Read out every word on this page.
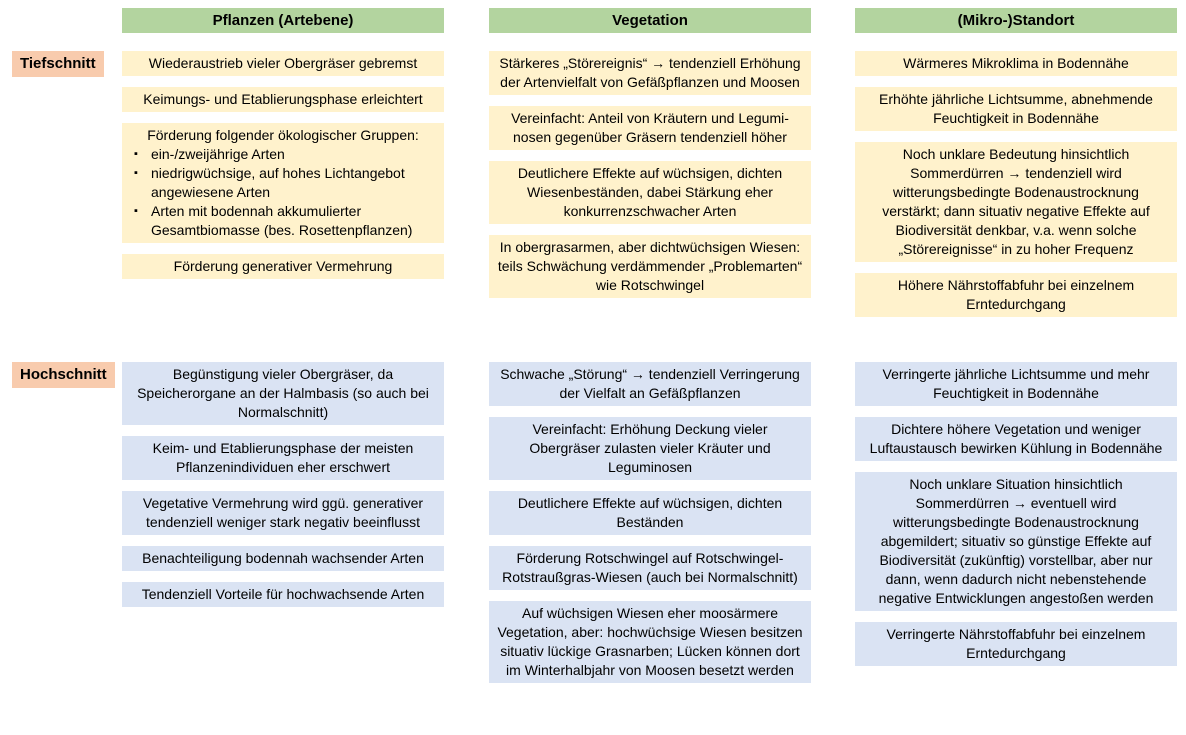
Pflanzen (Artebene)	Vegetation	(Mikro-)Standort
Tiefschnitt
Hochschnitt
Wiederaustrieb vieler Obergräser gebremst
Keimungs- und Etablierungsphase erleichtert
Förderung folgender ökologischer Gruppen:
▪ ein-/zweijährige Arten
▪ niedrigwüchsige, auf hohes Lichtangebot angewiesene Arten
▪ Arten mit bodennah akkumulierter Gesamtbiomasse (bes. Rosettenpflanzen)
Förderung generativer Vermehrung
Stärkeres „Störereignis“ → tendenziell Erhöhung der Artenvielfalt von Gefäßpflanzen und Moosen
Vereinfacht: Anteil von Kräutern und Leguminosen gegenüber Gräsern tendenziell höher
Deutlichere Effekte auf wüchsigen, dichten Wiesenbeständen, dabei Stärkung eher konkurrenzschwacher Arten
In obergrasarmen, aber dichtwüchsigen Wiesen: teils Schwächung verdämmender „Problemarten“ wie Rotschwingel
Wärmeres Mikroklima in Bodennähe
Erhöhte jährliche Lichtsumme, abnehmende Feuchtigkeit in Bodennähe
Noch unklare Bedeutung hinsichtlich Sommerdürren → tendenziell wird witterungsbedingte Bodenaustrocknung verstärkt; dann situativ negative Effekte auf Biodiversität denkbar, v.a. wenn solche „Störereignisse“ in zu hoher Frequenz
Höhere Nährstoffabfuhr bei einzelnem Erntedurchgang
Begünstigung vieler Obergräser, da Speicherorgane an der Halmbasis (so auch bei Normalschnitt)
Keim- und Etablierungsphase der meisten Pflanzenindividuen eher erschwert
Vegetative Vermehrung wird ggü. generativer tendenziell weniger stark negativ beeinflusst
Benachteiligung bodennah wachsender Arten
Tendenziell Vorteile für hochwachsende Arten
Schwache „Störung“ → tendenziell Verringerung der Vielfalt an Gefäßpflanzen
Vereinfacht: Erhöhung Deckung vieler Obergräser zulasten vieler Kräuter und Leguminosen
Deutlichere Effekte auf wüchsigen, dichten Beständen
Förderung Rotschwingel auf Rotschwingel-Rotstraußgras-Wiesen (auch bei Normalschnitt)
Auf wüchsigen Wiesen eher moosärmere Vegetation, aber: hochwüchsige Wiesen besitzen situativ lückige Grasnarben; Lücken können dort im Winterhalbjahr von Moosen besetzt werden
Verringerte jährliche Lichtsumme und mehr Feuchtigkeit in Bodennähe
Dichtere höhere Vegetation und weniger Luftaustausch bewirken Kühlung in Bodennähe
Noch unklare Situation hinsichtlich Sommerdürren → eventuell wird witterungsbedingte Bodenaustrocknung abgemildert; situativ so günstige Effekte auf Biodiversität (zukünftig) vorstellbar, aber nur dann, wenn dadurch nicht nebenstehende negative Entwicklungen angestoßen werden
Verringerte Nährstoffabfuhr bei einzelnem Erntedurchgang
